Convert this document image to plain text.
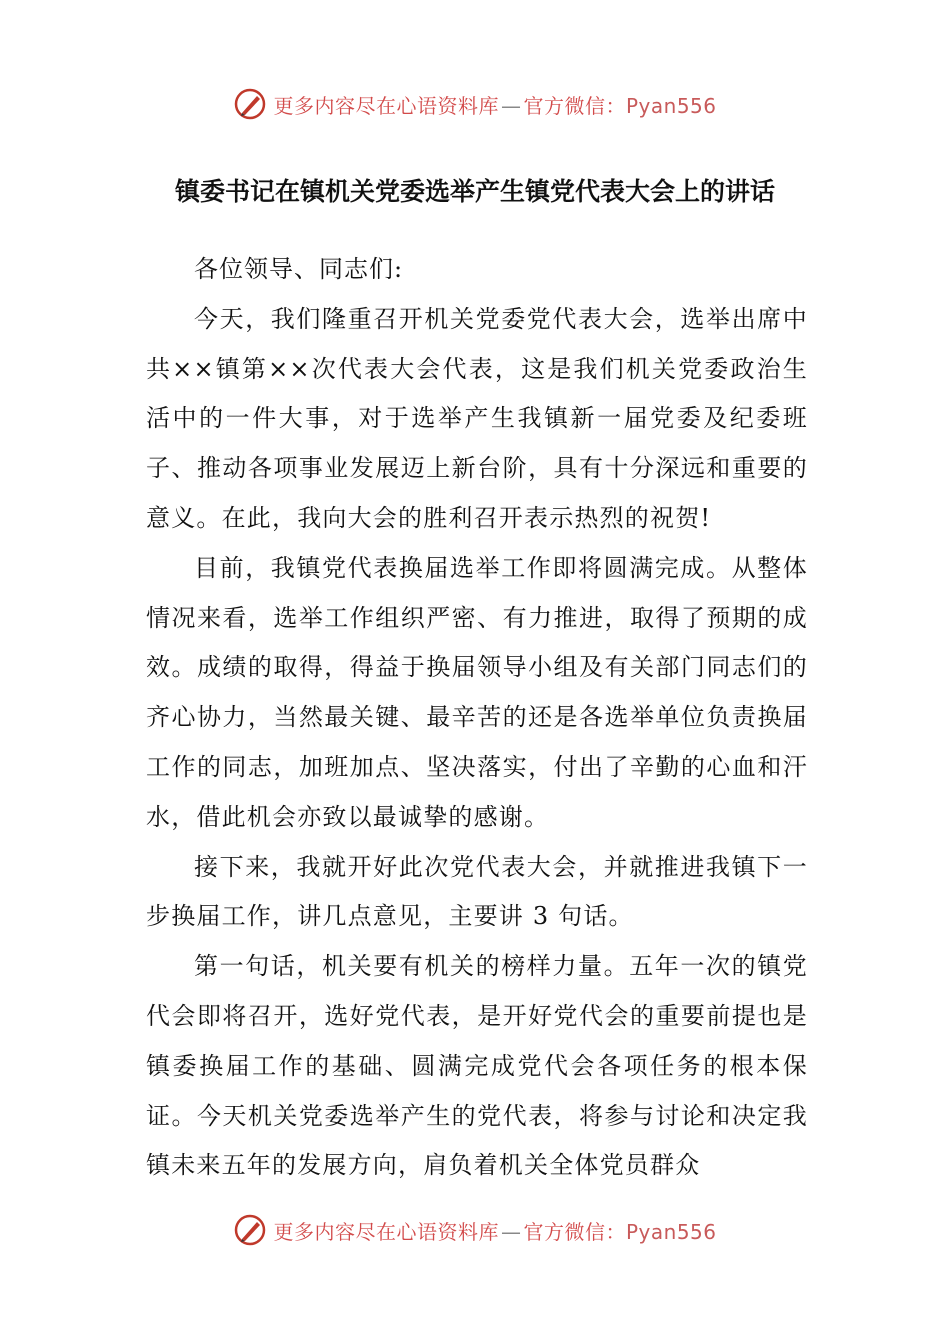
更多内容尽在心语资料库 — 官方微信：Pyan556
镇委书记在镇机关党委选举产生镇党代表大会上的讲话

各位领导、同志们:

今天，我们隆重召开机关党委党代表大会，选举出席中共××镇第××次代表大会代表，这是我们机关党委政治生活中的一件大事，对于选举产生我镇新一届党委及纪委班子、推动各项事业发展迈上新台阶，具有十分深远和重要的意义。在此，我向大会的胜利召开表示热烈的祝贺!

目前，我镇党代表换届选举工作即将圆满完成。从整体情况来看，选举工作组织严密、有力推进，取得了预期的成效。成绩的取得，得益于换届领导小组及有关部门同志们的齐心协力，当然最关键、最辛苦的还是各选举单位负责换届工作的同志，加班加点、坚决落实，付出了辛勤的心血和汗水，借此机会亦致以最诚挚的感谢。

接下来，我就开好此次党代表大会，并就推进我镇下一步换届工作，讲几点意见，主要讲 3 句话。

第一句话，机关要有机关的榜样力量。五年一次的镇党代会即将召开，选好党代表，是开好党代会的重要前提也是镇委换届工作的基础、圆满完成党代会各项任务的根本保证。今天机关党委选举产生的党代表，将参与讨论和决定我镇未来五年的发展方向，肩负着机关全体党员群众

更多内容尽在心语资料库 — 官方微信：Pyan556
